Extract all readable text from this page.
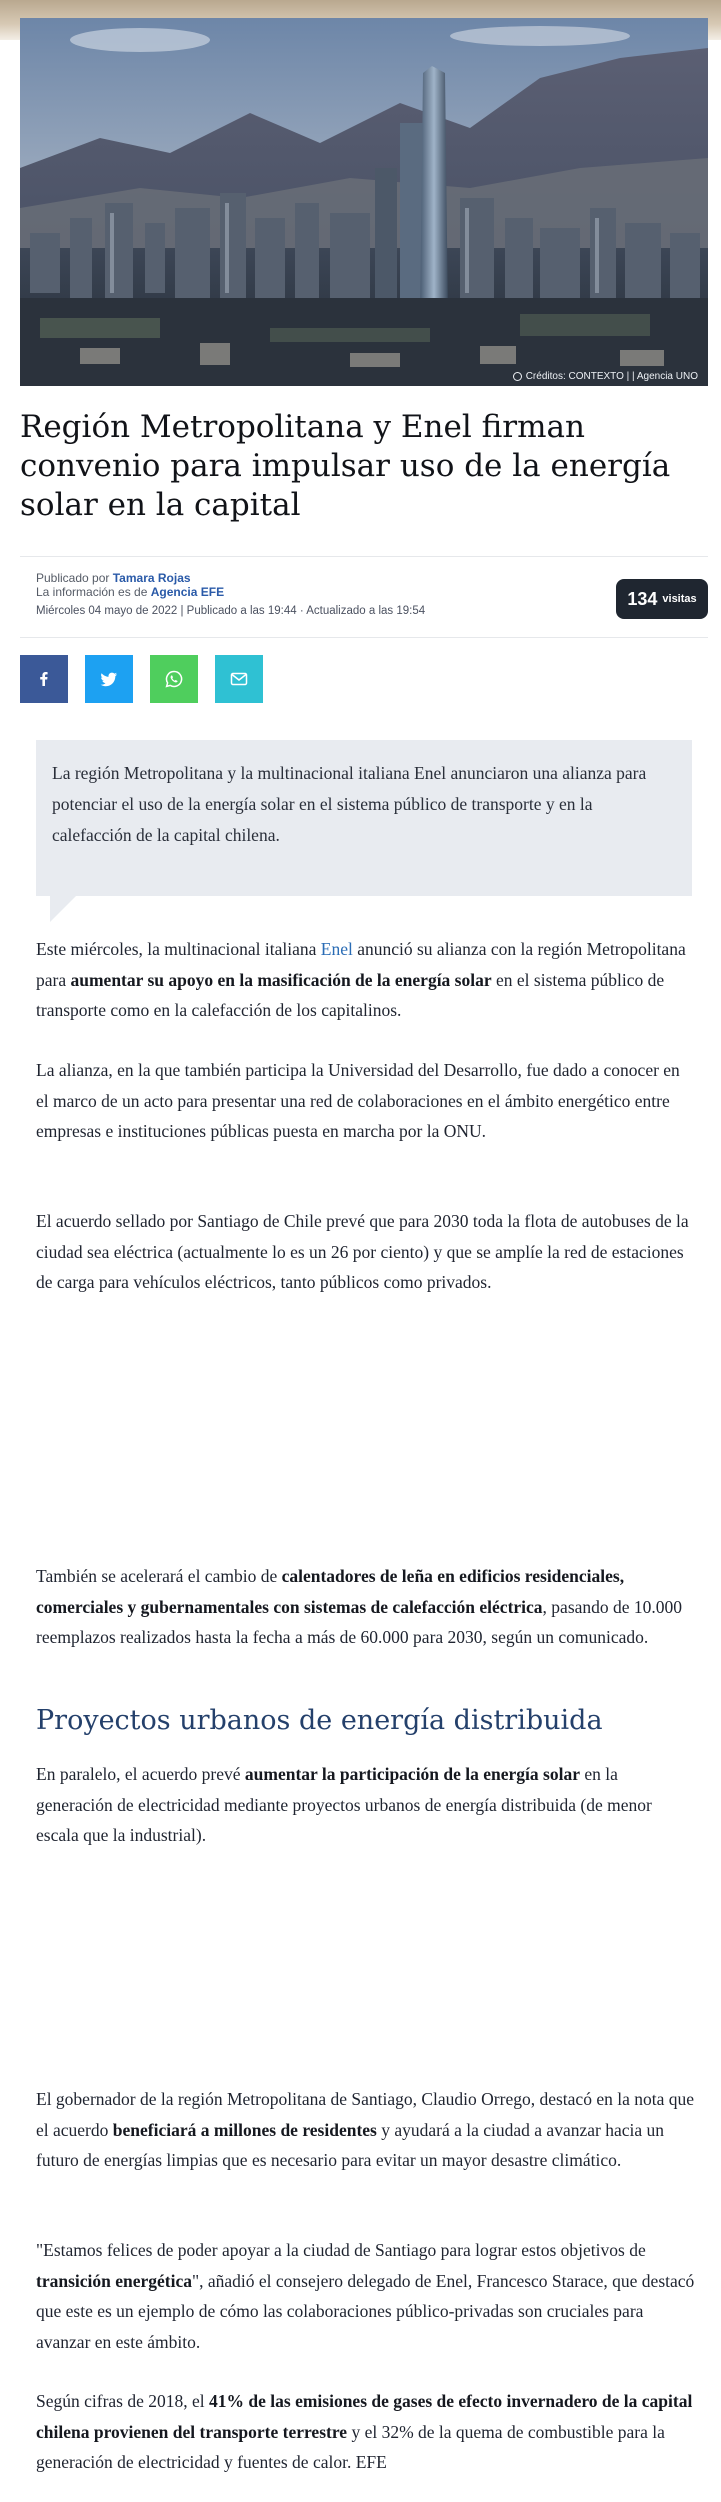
Créditos: CONTEXTO | | Agencia UNO
Región Metropolitana y Enel firman convenio para impulsar uso de la energía solar en la capital
Publicado por Tamara Rojas
La información es de Agencia EFE
Miércoles 04 mayo de 2022 | Publicado a las 19:44 · Actualizado a las 19:54
134 visitas
La región Metropolitana y la multinacional italiana Enel anunciaron una alianza para potenciar el uso de la energía solar en el sistema público de transporte y en la calefacción de la capital chilena.

Este miércoles, la multinacional italiana Enel anunció su alianza con la región Metropolitana para aumentar su apoyo en la masificación de la energía solar en el sistema público de transporte como en la calefacción de los capitalinos.

La alianza, en la que también participa la Universidad del Desarrollo, fue dado a conocer en el marco de un acto para presentar una red de colaboraciones en el ámbito energético entre empresas e instituciones públicas puesta en marcha por la ONU.

El acuerdo sellado por Santiago de Chile prevé que para 2030 toda la flota de autobuses de la ciudad sea eléctrica (actualmente lo es un 26 por ciento) y que se amplíe la red de estaciones de carga para vehículos eléctricos, tanto públicos como privados.

También se acelerará el cambio de calentadores de leña en edificios residenciales, comerciales y gubernamentales con sistemas de calefacción eléctrica, pasando de 10.000 reemplazos realizados hasta la fecha a más de 60.000 para 2030, según un comunicado.

Proyectos urbanos de energía distribuida

En paralelo, el acuerdo prevé aumentar la participación de la energía solar en la generación de electricidad mediante proyectos urbanos de energía distribuida (de menor escala que la industrial).

El gobernador de la región Metropolitana de Santiago, Claudio Orrego, destacó en la nota que el acuerdo beneficiará a millones de residentes y ayudará a la ciudad a avanzar hacia un futuro de energías limpias que es necesario para evitar un mayor desastre climático.

"Estamos felices de poder apoyar a la ciudad de Santiago para lograr estos objetivos de transición energética", añadió el consejero delegado de Enel, Francesco Starace, que destacó que este es un ejemplo de cómo las colaboraciones público-privadas son cruciales para avanzar en este ámbito.

Según cifras de 2018, el 41% de las emisiones de gases de efecto invernadero de la capital chilena provienen del transporte terrestre y el 32% de la quema de combustible para la generación de electricidad y fuentes de calor. EFE
